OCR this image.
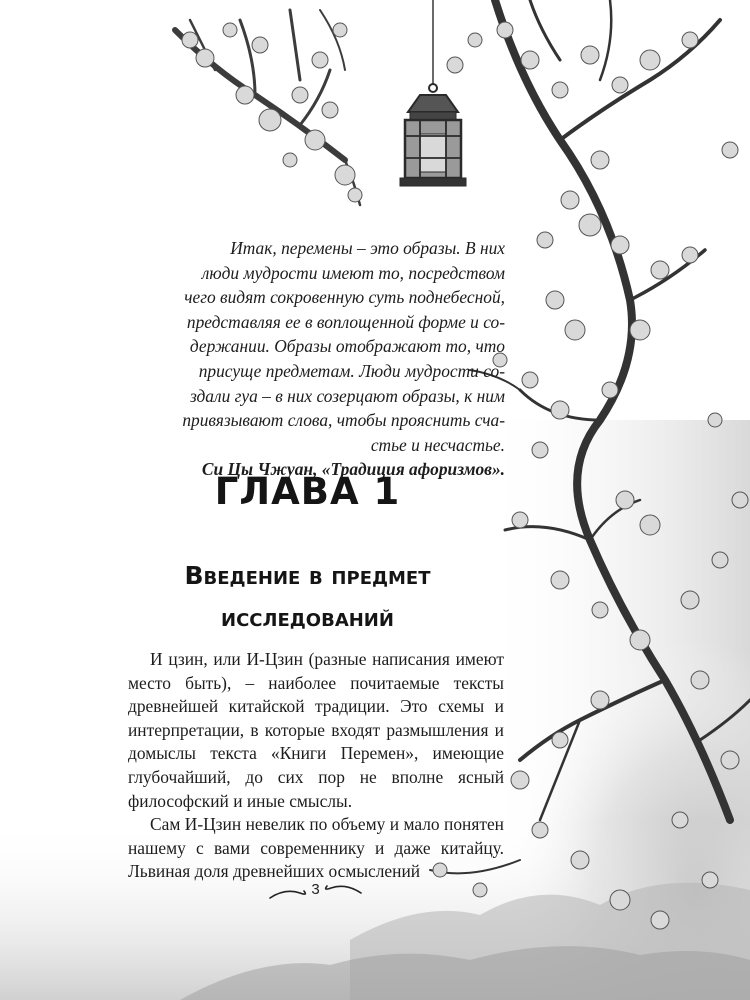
Итак, перемены – это образы. В них

люди мудрости имеют то, посредством

чего видят сокровенную суть поднебесной,

представляя ее в воплощенной форме и со-

держании. Образы отображают то, что

присуще предметам. Люди мудрости со-

здали гуа – в них созерцают образы, к ним

привязывают слова, чтобы прояснить сча-

стье и несчастье.

Си Цы Чжуан, «Традиция афоризмов».

ГЛАВА 1
Введение в предмет
исследований

И цзин, или И-Цзин (разные написания имеют место быть), – наиболее почитаемые тексты древнейшей китайской традиции. Это схемы и интерпретации, в которые входят размышления и домыслы текста «Книги Перемен», имеющие глубочайший, до сих пор не вполне ясный философский и иные смыслы.

Сам И-Цзин невелик по объему и мало понятен нашему с вами современнику и даже китайцу. Львиная доля древнейших осмыслений

3
